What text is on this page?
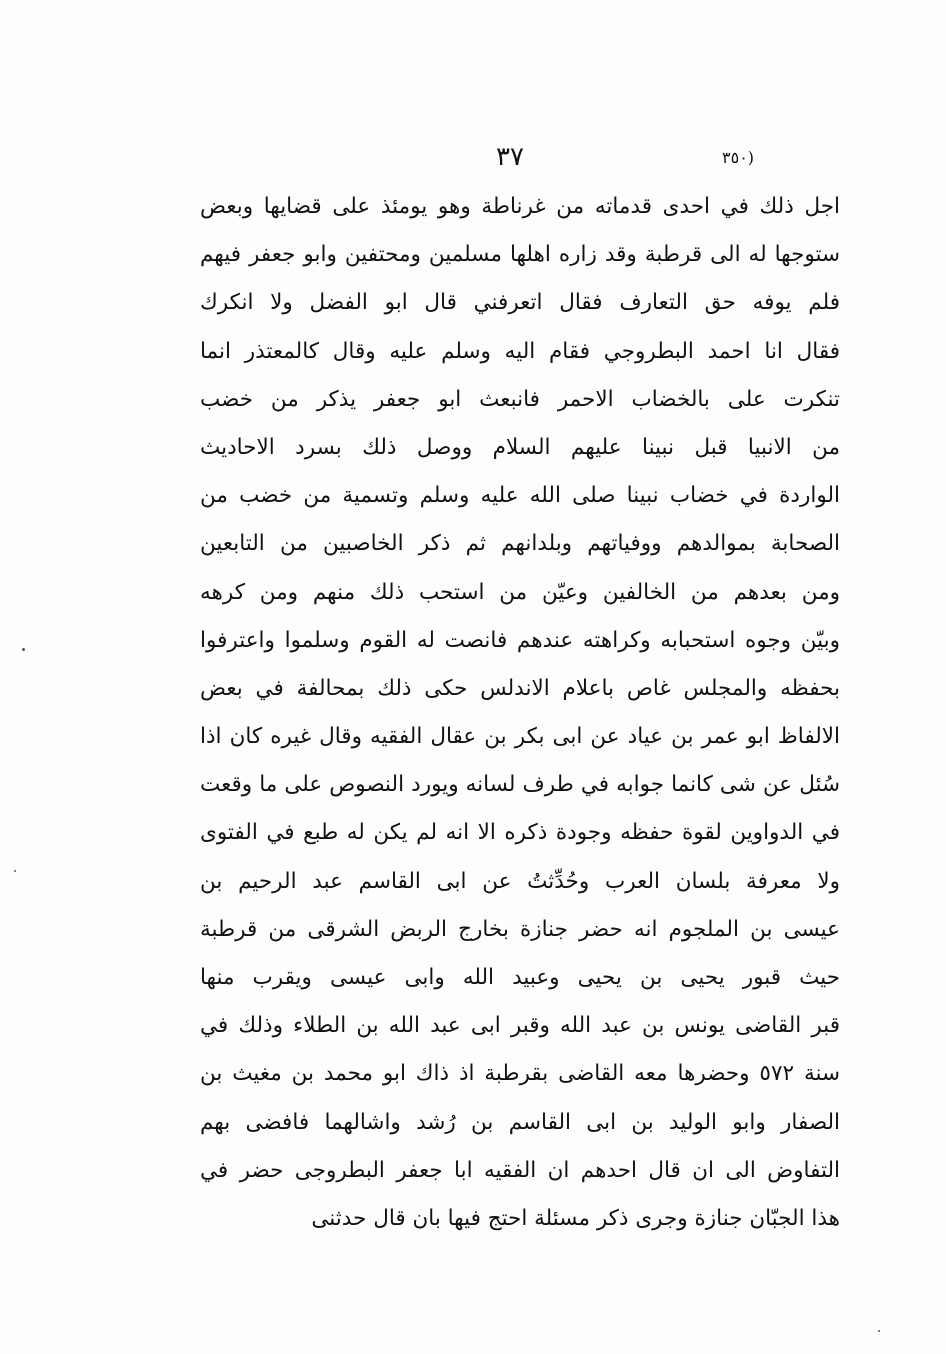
٣٧	(٣٥٠
اجل ذلك في احدى قدماته من غرناطة وهو يومئذ على قضايها وبعض
ستوجها له الى قرطبة وقد زاره اهلها مسلمين ومحتفين وابو جعفر فيهم
فلم يوفه حق التعارف فقال اتعرفني قال ابو الفضل ولا انكرك
فقال انا احمد البطروجي فقام اليه وسلم عليه وقال كالمعتذر انما
تنكرت على بالخضاب الاحمر فانبعث ابو جعفر يذكر من خضب
من الانبيا قبل نبينا عليهم السلام ووصل ذلك بسرد الاحاديث
الواردة في خضاب نبينا صلى الله عليه وسلم وتسمية من خضب من
الصحابة بموالدهم ووفياتهم وبلدانهم ثم ذكر الخاصبين من التابعين
ومن بعدهم من الخالفين وعيّن من استحب ذلك منهم ومن كرهه
وبيّن وجوه استحبابه وكراهته عندهم فانصت له القوم وسلموا واعترفوا
بحفظه والمجلس غاص باعلام الاندلس حكى ذلك بمحالفة في بعض
الالفاظ ابو عمر بن عياد عن ابى بكر بن عقال الفقيه وقال غيره كان اذا
سُئل عن شى كانما جوابه في طرف لسانه ويورد النصوص على ما وقعت
في الدواوين لقوة حفظه وجودة ذكره الا انه لم يكن له طبع في الفتوى
ولا معرفة بلسان العرب وحُدِّثتُ عن ابى القاسم عبد الرحيم بن
عيسى بن الملجوم انه حضر جنازة بخارج الربض الشرقى من قرطبة
حيث قبور يحيى بن يحيى وعبيد الله وابى عيسى ويقرب منها
قبر القاضى يونس بن عبد الله وقبر ابى عبد الله بن الطلاء وذلك في
سنة ٥٧٢ وحضرها معه القاضى بقرطبة اذ ذاك ابو محمد بن مغيث بن
الصفار وابو الوليد بن ابى القاسم بن رُشد واشالهما فافضى بهم
التفاوض الى ان قال احدهم ان الفقيه ابا جعفر البطروجى حضر في
هذا الجبّان جنازة وجرى ذكر مسئلة احتج فيها بان قال حدثنى
